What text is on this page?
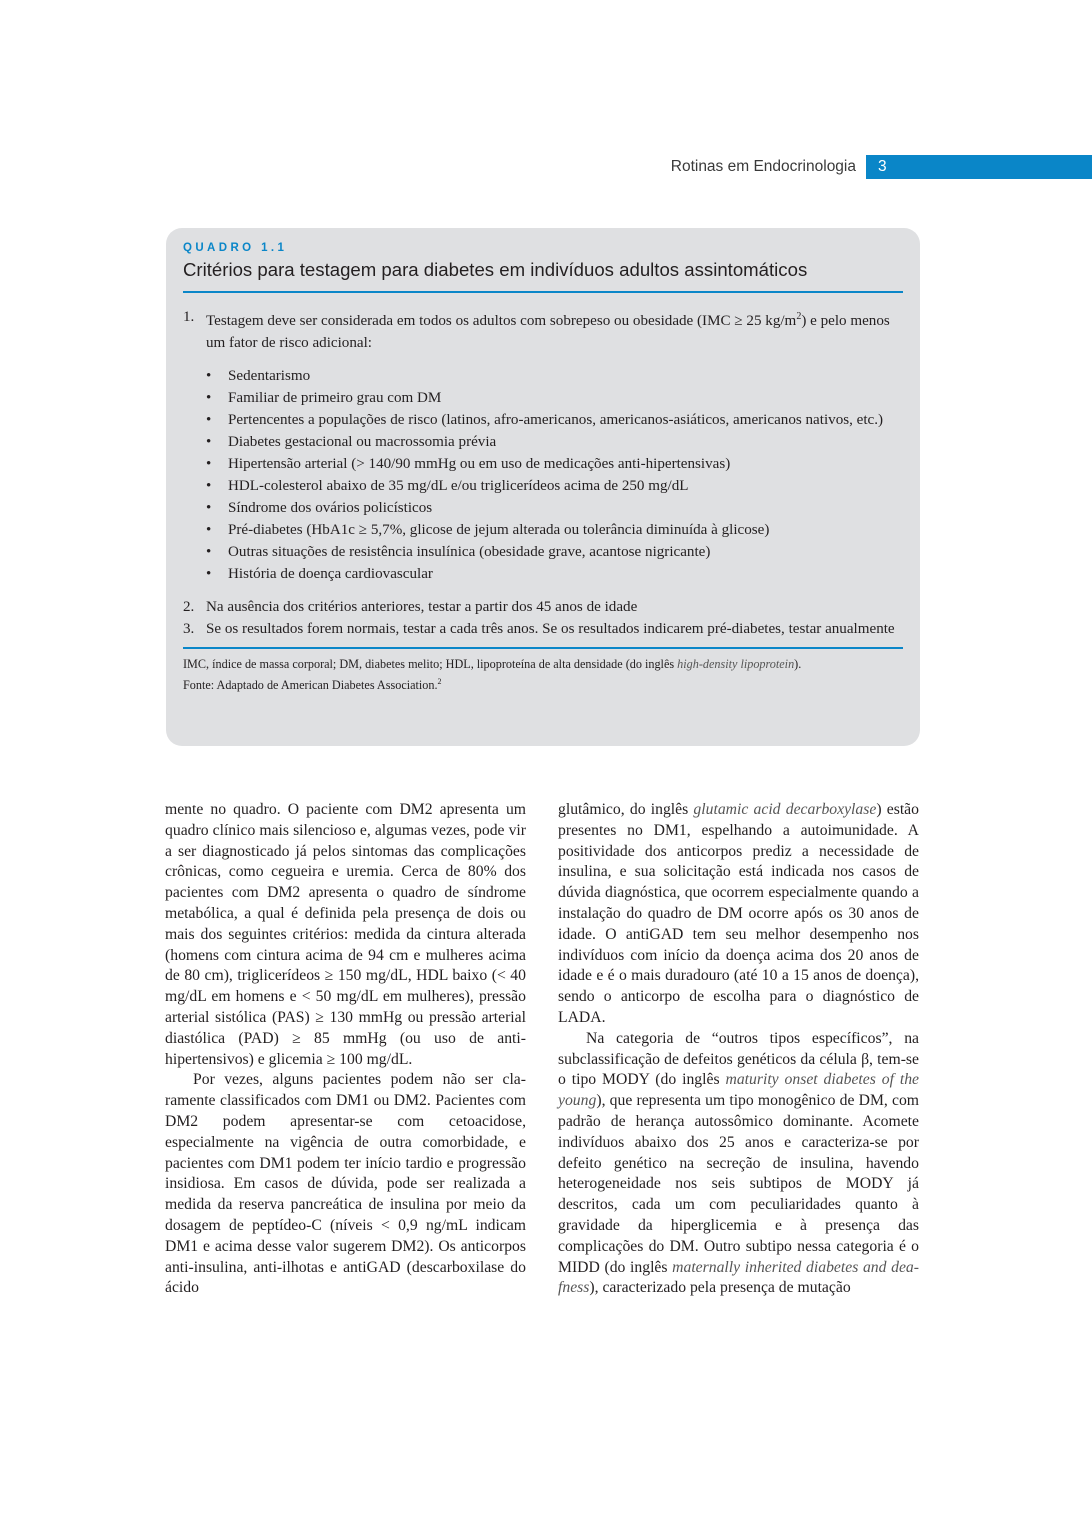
Rotinas em Endocrinologia	3
QUADRO 1.1
Critérios para testagem para diabetes em indivíduos adultos assintomáticos
1. Testagem deve ser considerada em todos os adultos com sobrepeso ou obesidade (IMC ≥ 25 $kg/m^2$) e pelo menos um fator de risco adicional:
• Sedentarismo
• Familiar de primeiro grau com DM
• Pertencentes a populações de risco (latinos, afro-americanos, americanos-asiáticos, americanos nativos, etc.)
• Diabetes gestacional ou macrossomia prévia
• Hipertensão arterial (> 140/90 mmHg ou em uso de medicações anti-hipertensivas)
• HDL-colesterol abaixo de 35 mg/dL e/ou triglicerídeos acima de 250 mg/dL
• Síndrome dos ovários policísticos
• Pré-diabetes (HbA1c ≥ 5,7%, glicose de jejum alterada ou tolerância diminuída à glicose)
• Outras situações de resistência insulínica (obesidade grave, acantose nigricante)
• História de doença cardiovascular
2. Na ausência dos critérios anteriores, testar a partir dos 45 anos de idade
3. Se os resultados forem normais, testar a cada três anos. Se os resultados indicarem pré-diabetes, testar anualmente
IMC, índice de massa corporal; DM, diabetes melito; HDL, lipoproteína de alta densidade (do inglês high-density lipoprotein).
Fonte: Adaptado de American Diabetes Association.$^2$

mente no quadro. O paciente com DM2 apresenta um quadro clínico mais silencioso e, algumas vezes, pode vir a ser diagnosticado já pelos sintomas das complicações crônicas, como cegueira e uremia. Cerca de 80% dos pacientes com DM2 apresenta o quadro de síndrome metabólica, a qual é definida pela presença de dois ou mais dos seguintes critérios: medida da cintura alterada (homens com cintura acima de 94 cm e mulheres acima de 80 cm), triglicerídeos ≥ 150 mg/dL, HDL baixo (< 40 mg/dL em homens e < 50 mg/dL em mulheres), pressão arterial sistólica (PAS) ≥ 130 mmHg ou pressão arterial diastólica (PAD) ≥ 85 mmHg (ou uso de anti-hipertensivos) e glicemia ≥ 100 mg/dL.

Por vezes, alguns pacientes podem não ser claramente classificados com DM1 ou DM2. Pacientes com DM2 podem apresentar-se com cetoacidose, especialmente na vigência de outra comorbidade, e pacientes com DM1 podem ter início tardio e progressão insidiosa. Em casos de dúvida, pode ser realizada a medida da reserva pancreática de insulina por meio da dosagem de peptídeo-C (níveis < 0,9 ng/mL indicam DM1 e acima desse valor sugerem DM2). Os anticorpos anti-insulina, anti-ilhotas e antiGAD (descarboxilase do ácido

glutâmico, do inglês glutamic acid decarboxylase) estão presentes no DM1, espelhando a autoimunidade. A positividade dos anticorpos prediz a necessidade de insulina, e sua solicitação está indicada nos casos de dúvida diagnóstica, que ocorrem especialmente quando a instalação do quadro de DM ocorre após os 30 anos de idade. O antiGAD tem seu melhor desempenho nos indivíduos com início da doença acima dos 20 anos de idade e é o mais duradouro (até 10 a 15 anos de doença), sendo o anticorpo de escolha para o diagnóstico de LADA.

Na categoria de “outros tipos específicos”, na subclassificação de defeitos genéticos da célula β, tem-se o tipo MODY (do inglês maturity onset diabetes of the young), que representa um tipo monogênico de DM, com padrão de herança autossômico dominante. Acomete indivíduos abaixo dos 25 anos e caracteriza-se por defeito genético na secreção de insulina, havendo heterogeneidade nos seis subtipos de MODY já descritos, cada um com peculiaridades quanto à gravidade da hiperglicemia e à presença das complicações do DM. Outro subtipo nessa categoria é o MIDD (do inglês maternally inherited diabetes and deafness), caracterizado pela presença de mutação
